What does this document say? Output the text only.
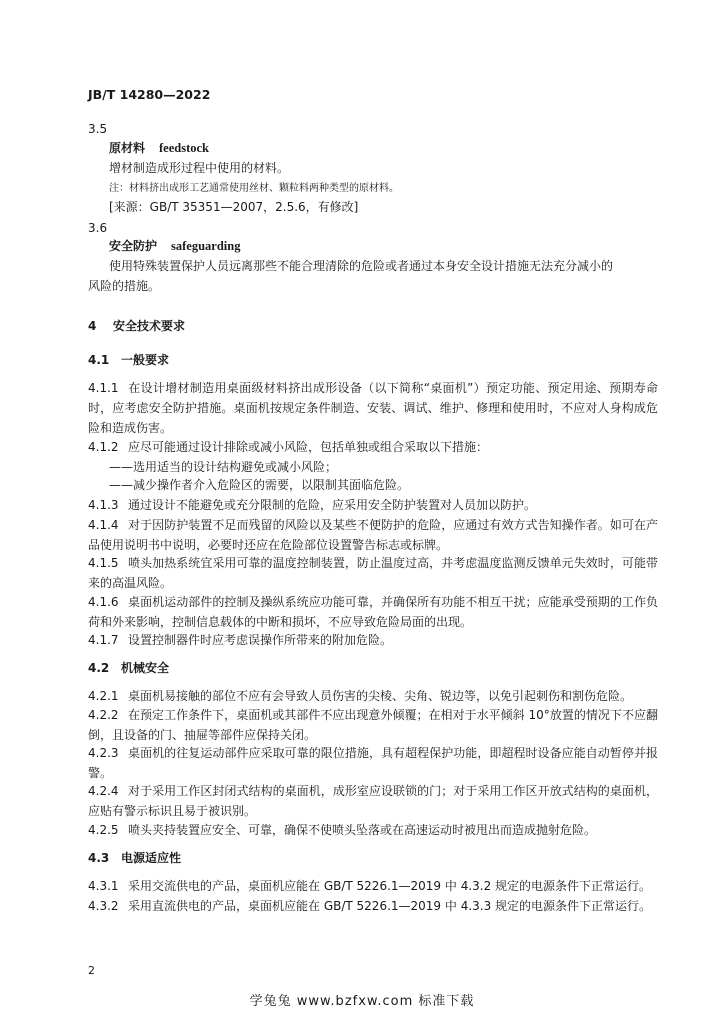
JB/T 14280—2022
3.5
原材料 feedstock
增材制造成形过程中使用的材料。
注：材料挤出成形工艺通常使用丝材、颗粒料两种类型的原材料。
[来源：GB/T 35351—2007，2.5.6，有修改]
3.6
安全防护 safeguarding
使用特殊装置保护人员远离那些不能合理清除的危险或者通过本身安全设计措施无法充分减小的
风险的措施。
4 安全技术要求
4.1 一般要求
4.1.1 在设计增材制造用桌面级材料挤出成形设备（以下简称“桌面机”）预定功能、预定用途、预期寿命时，应考虑安全防护措施。桌面机按规定条件制造、安装、调试、维护、修理和使用时，不应对人身构成危险和造成伤害。
4.1.2 应尽可能通过设计排除或减小风险，包括单独或组合采取以下措施：
——选用适当的设计结构避免或减小风险；
——减少操作者介入危险区的需要，以限制其面临危险。
4.1.3 通过设计不能避免或充分限制的危险，应采用安全防护装置对人员加以防护。
4.1.4 对于因防护装置不足而残留的风险以及某些不便防护的危险，应通过有效方式告知操作者。如可在产品使用说明书中说明，必要时还应在危险部位设置警告标志或标牌。
4.1.5 喷头加热系统宜采用可靠的温度控制装置，防止温度过高，并考虑温度监测反馈单元失效时，可能带来的高温风险。
4.1.6 桌面机运动部件的控制及操纵系统应功能可靠，并确保所有功能不相互干扰；应能承受预期的工作负荷和外来影响，控制信息载体的中断和损坏，不应导致危险局面的出现。
4.1.7 设置控制器件时应考虑误操作所带来的附加危险。
4.2 机械安全
4.2.1 桌面机易接触的部位不应有会导致人员伤害的尖棱、尖角、锐边等，以免引起刺伤和割伤危险。
4.2.2 在预定工作条件下，桌面机或其部件不应出现意外倾覆；在相对于水平倾斜 10°放置的情况下不应翻倒，且设备的门、抽屉等部件应保持关闭。
4.2.3 桌面机的往复运动部件应采取可靠的限位措施，具有超程保护功能，即超程时设备应能自动暂停并报警。
4.2.4 对于采用工作区封闭式结构的桌面机，成形室应设联锁的门；对于采用工作区开放式结构的桌面机，应贴有警示标识且易于被识别。
4.2.5 喷头夹持装置应安全、可靠，确保不使喷头坠落或在高速运动时被甩出而造成抛射危险。
4.3 电源适应性
4.3.1 采用交流供电的产品，桌面机应能在 GB/T 5226.1—2019 中 4.3.2 规定的电源条件下正常运行。
4.3.2 采用直流供电的产品，桌面机应能在 GB/T 5226.1—2019 中 4.3.3 规定的电源条件下正常运行。
2
学兔兔 www.bzfxw.com 标准下载
